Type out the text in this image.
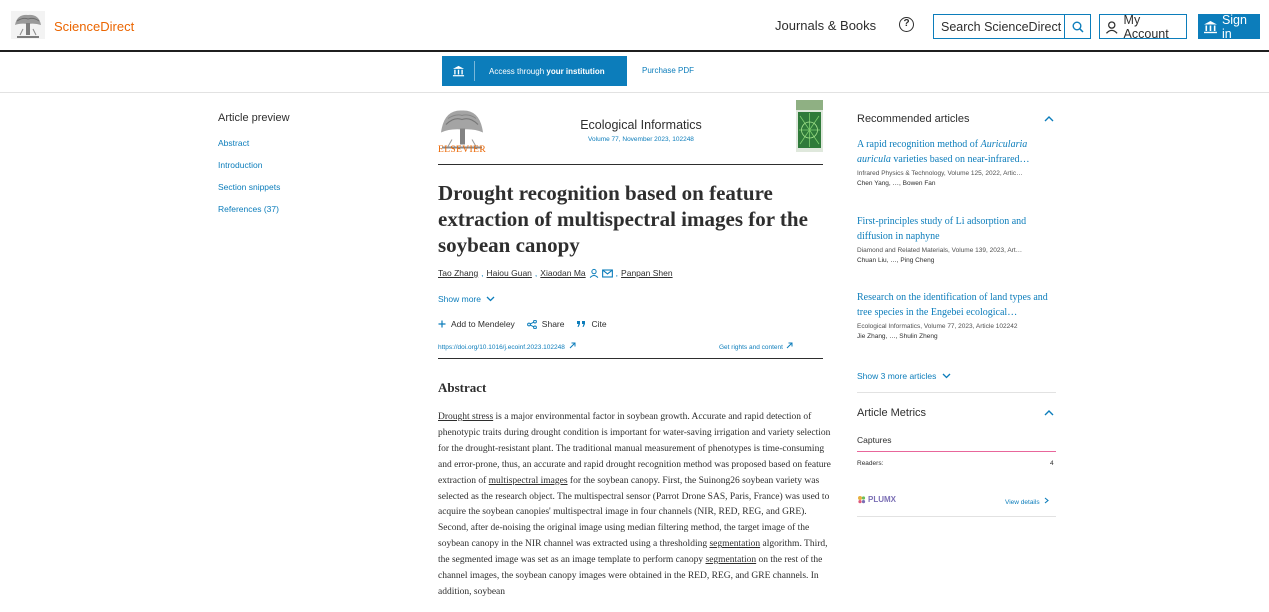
ScienceDirect	Journals & Books	?
Search ScienceDirect	My Account
Sign in
Access through your institution	Purchase PDF
Article preview
Abstract
Introduction
Section snippets
References (37)
ELSEVIER
Ecological Informatics
Volume 77, November 2023, 102248
Drought recognition based on feature extraction of multispectral images for the soybean canopy
Tao Zhang , Haiou Guan , Xiaodan Ma	, Panpan Shen
Show more
Add to Mendeley	Share	Cite
https://doi.org/10.1016/j.ecoinf.2023.102248	Get rights and content
Abstract

Drought stress is a major environmental factor in soybean growth. Accurate and rapid detection of phenotypic traits during drought condition is important for water-saving irrigation and variety selection for the drought-resistant plant. The traditional manual measurement of phenotypes is time-consuming and error-prone, thus, an accurate and rapid drought recognition method was proposed based on feature extraction of multispectral images for the soybean canopy. First, the Suinong26 soybean variety was selected as the research object. The multispectral sensor (Parrot Drone SAS, Paris, France) was used to acquire the soybean canopies' multispectral image in four channels (NIR, RED, REG, and GRE). Second, after de-noising the original image using median filtering method, the target image of the soybean canopy in the NIR channel was extracted using a thresholding segmentation algorithm. Third, the segmented image was set as an image template to perform canopy segmentation on the rest of the channel images, the soybean canopy images were obtained in the RED, REG, and GRE channels. In addition, soybean

Recommended articles
A rapid recognition method of Auricularia auricula varieties based on near-infrared…
Infrared Physics & Technology, Volume 125, 2022, Artic…
Chen Yang, …, Bowen Fan
First-principles study of Li adsorption and diffusion in naphyne
Diamond and Related Materials, Volume 139, 2023, Art…
Chuan Liu, …, Ping Cheng
Research on the identification of land types and tree species in the Engebei ecological…
Ecological Informatics, Volume 77, 2023, Article 102242
Jie Zhang, …, Shulin Zheng
Show 3 more articles
Article Metrics
Captures
Readers:	4
PLUMX	View details
